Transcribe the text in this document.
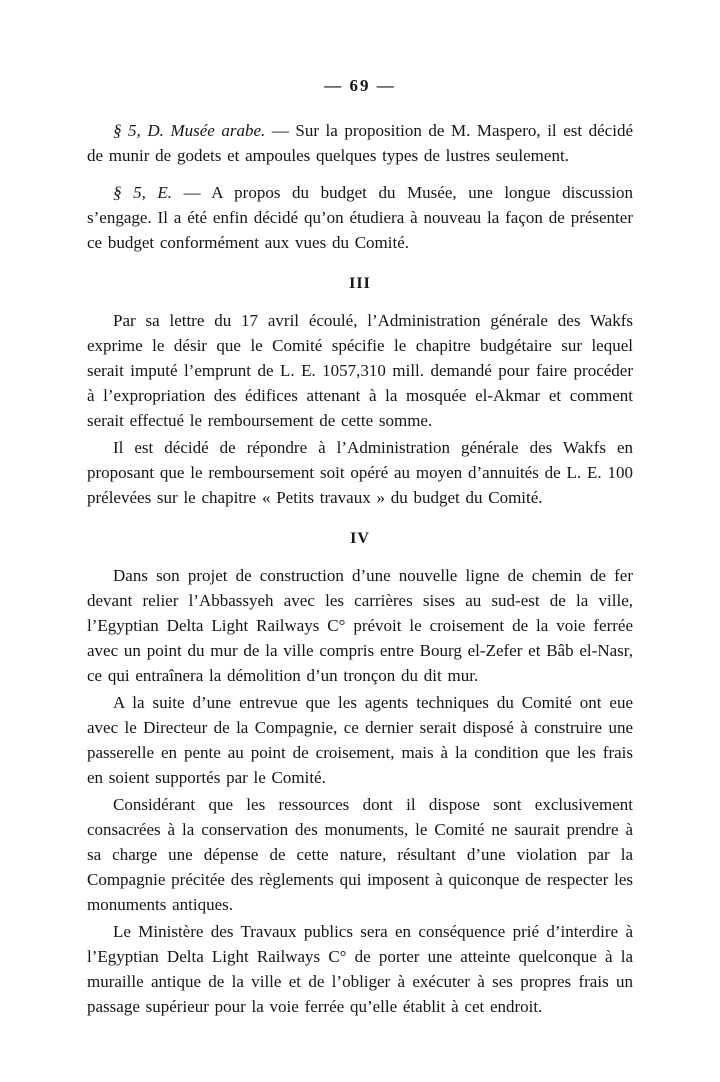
— 69 —

§ 5, D. Musée arabe. — Sur la proposition de M. Maspero, il est décidé de munir de godets et ampoules quelques types de lustres seulement.

§ 5, E. — A propos du budget du Musée, une longue discussion s’engage. Il a été enfin décidé qu’on étudiera à nouveau la façon de présenter ce budget conformément aux vues du Comité.

III

Par sa lettre du 17 avril écoulé, l’Administration générale des Wakfs exprime le désir que le Comité spécifie le chapitre budgétaire sur lequel serait imputé l’emprunt de L. E. 1057,310 mill. demandé pour faire procéder à l’expropriation des édifices attenant à la mosquée el-Akmar et comment serait effectué le remboursement de cette somme.

Il est décidé de répondre à l’Administration générale des Wakfs en proposant que le remboursement soit opéré au moyen d’annuités de L. E. 100 prélevées sur le chapitre « Petits travaux » du budget du Comité.

IV

Dans son projet de construction d’une nouvelle ligne de chemin de fer devant relier l’Abbassyeh avec les carrières sises au sud-est de la ville, l’Egyptian Delta Light Railways C° prévoit le croisement de la voie ferrée avec un point du mur de la ville compris entre Bourg el-Zefer et Bâb el-Nasr, ce qui entraînera la démolition d’un tronçon du dit mur.

A la suite d’une entrevue que les agents techniques du Comité ont eue avec le Directeur de la Compagnie, ce dernier serait disposé à construire une passerelle en pente au point de croisement, mais à la condition que les frais en soient supportés par le Comité.

Considérant que les ressources dont il dispose sont exclusivement consacrées à la conservation des monuments, le Comité ne saurait prendre à sa charge une dépense de cette nature, résultant d’une violation par la Compagnie précitée des règlements qui imposent à quiconque de respecter les monuments antiques.

Le Ministère des Travaux publics sera en conséquence prié d’interdire à l’Egyptian Delta Light Railways C° de porter une atteinte quelconque à la muraille antique de la ville et de l’obliger à exécuter à ses propres frais un passage supérieur pour la voie ferrée qu’elle établit à cet endroit.
